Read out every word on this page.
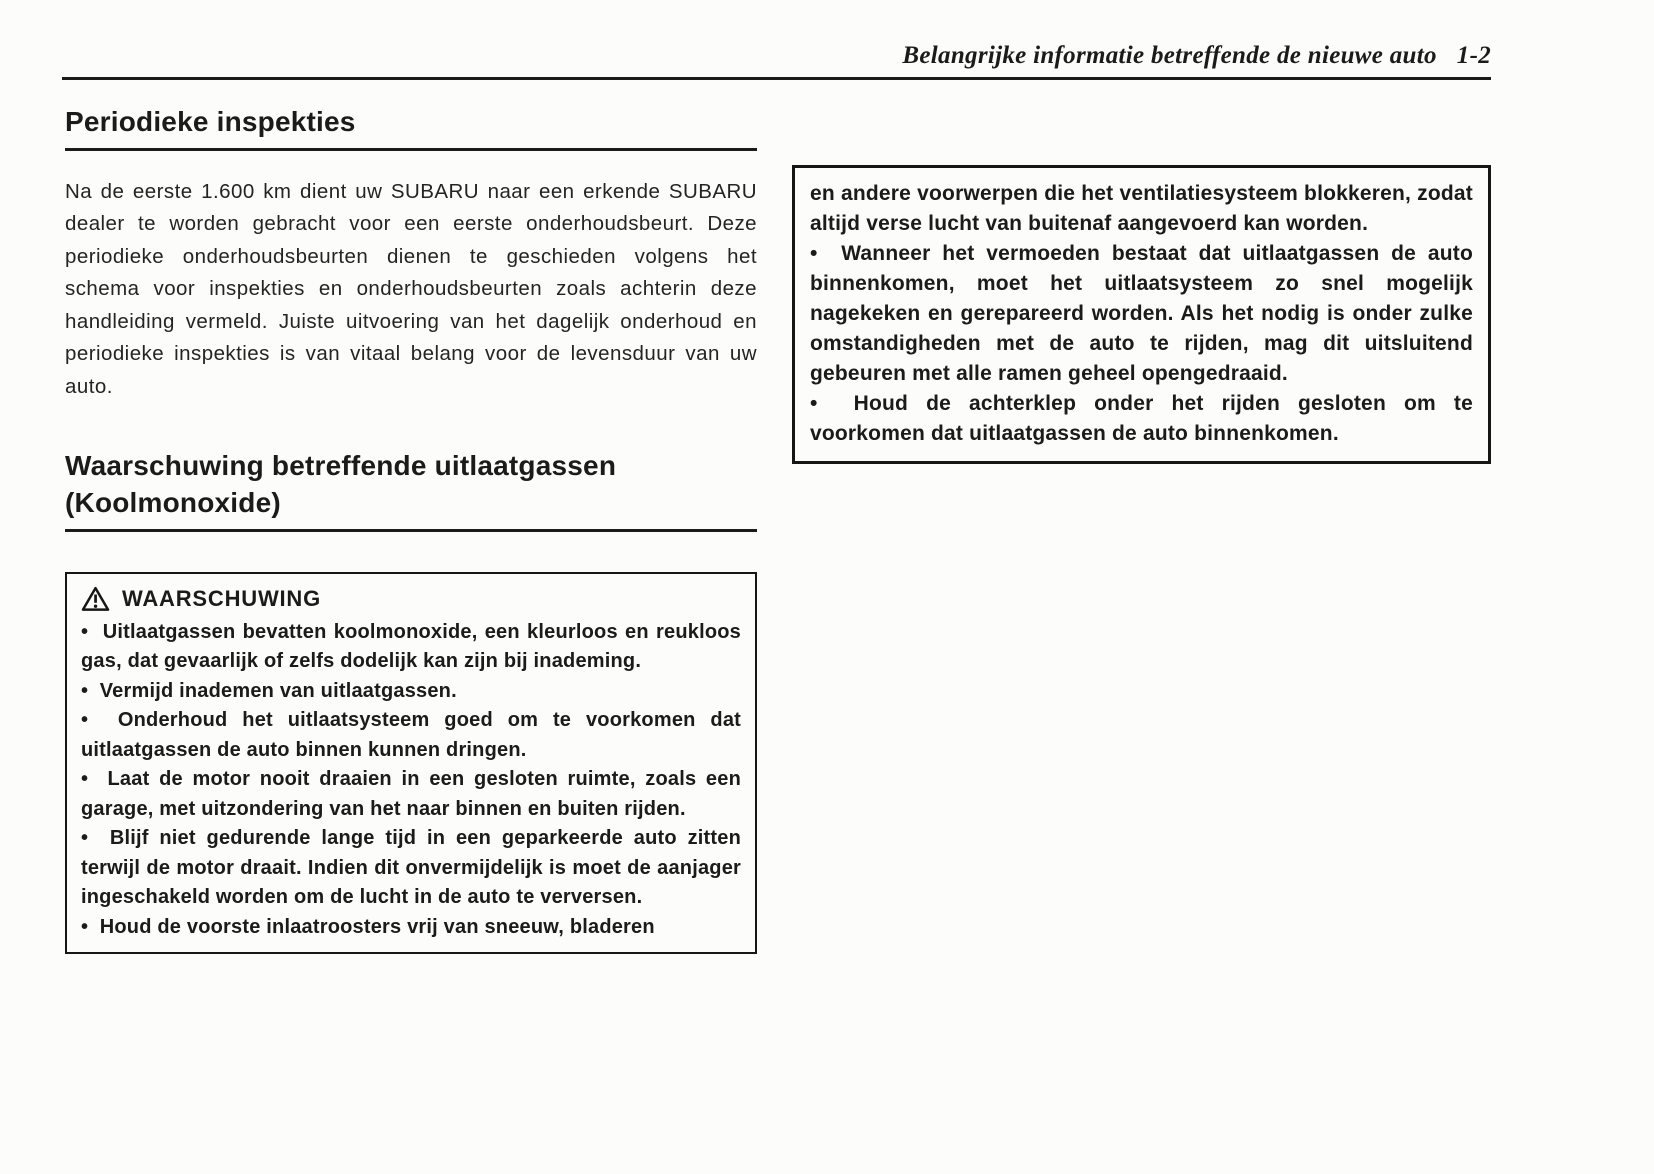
Belangrijke informatie betreffende de nieuwe auto 1-2
Periodieke inspekties

Na de eerste 1.600 km dient uw SUBARU naar een erkende SUBARU dealer te worden gebracht voor een eerste onderhoudsbeurt. Deze periodieke onderhoudsbeurten dienen te geschieden volgens het schema voor inspekties en onderhoudsbeurten zoals achterin deze handleiding vermeld. Juiste uitvoering van het dagelijk onderhoud en periodieke inspekties is van vitaal belang voor de levensduur van uw auto.

Waarschuwing betreffende uitlaatgassen
(Koolmonoxide)
WAARSCHUWING

•  Uitlaatgassen bevatten koolmonoxide, een kleurloos en reukloos gas, dat gevaarlijk of zelfs dodelijk kan zijn bij inademing.

•  Vermijd inademen van uitlaatgassen.

•  Onderhoud het uitlaatsysteem goed om te voorkomen dat uitlaatgassen de auto binnen kunnen dringen.

•  Laat de motor nooit draaien in een gesloten ruimte, zoals een garage, met uitzondering van het naar binnen en buiten rijden.

•  Blijf niet gedurende lange tijd in een geparkeerde auto zitten terwijl de motor draait. Indien dit onvermijdelijk is moet de aanjager ingeschakeld worden om de lucht in de auto te verversen.

•  Houd de voorste inlaatroosters vrij van sneeuw, bladeren

en andere voorwerpen die het ventilatiesysteem blokkeren, zodat altijd verse lucht van buitenaf aangevoerd kan worden.

•  Wanneer het vermoeden bestaat dat uitlaatgassen de auto binnenkomen, moet het uitlaatsysteem zo snel mogelijk nagekeken en gerepareerd worden. Als het nodig is onder zulke omstandigheden met de auto te rijden, mag dit uitsluitend gebeuren met alle ramen geheel opengedraaid.

•  Houd de achterklep onder het rijden gesloten om te voorkomen dat uitlaatgassen de auto binnenkomen.
